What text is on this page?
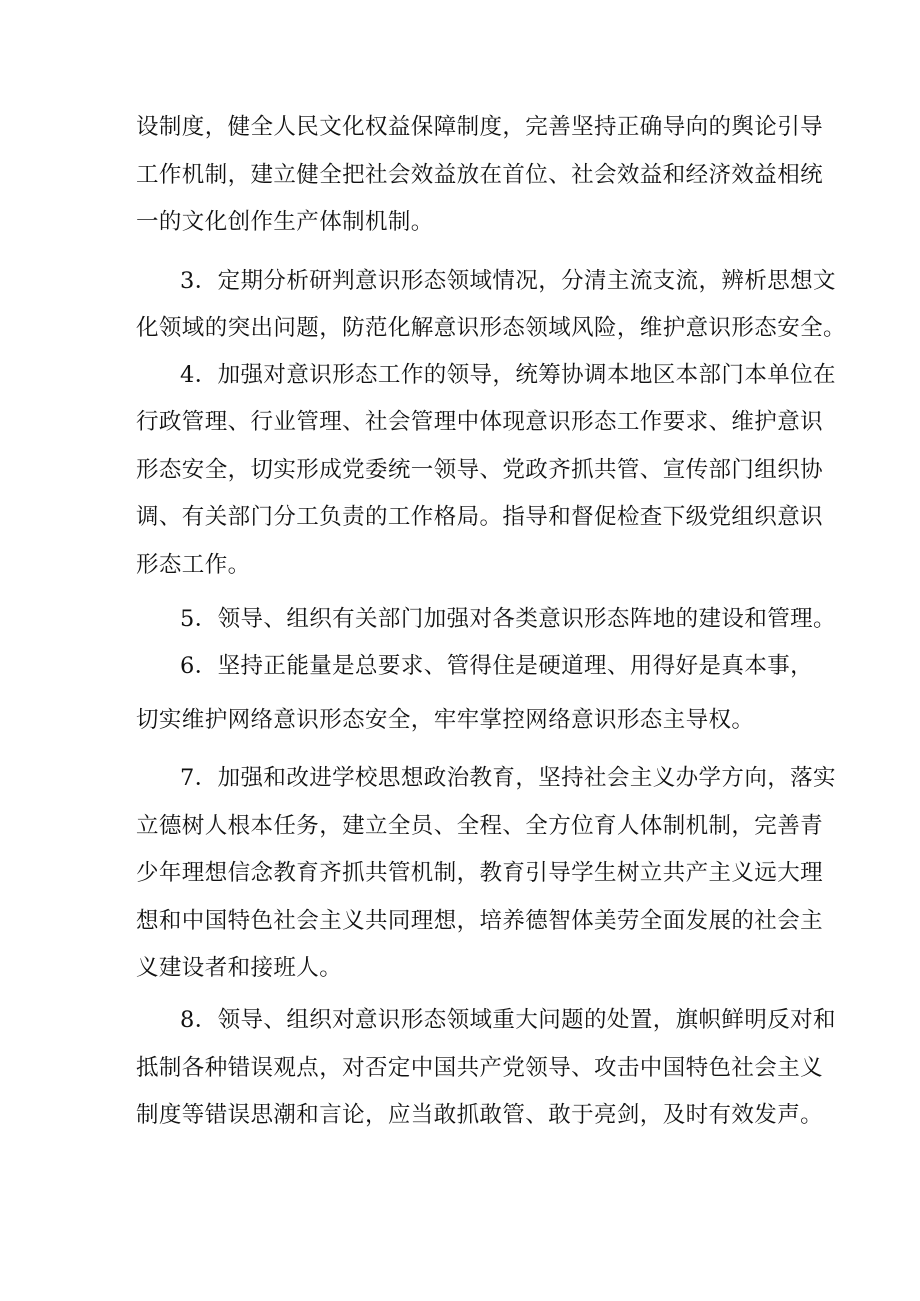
设制度，健全人民文化权益保障制度，完善坚持正确导向的舆论引导
工作机制，建立健全把社会效益放在首位、社会效益和经济效益相统
一的文化创作生产体制机制。
3．定期分析研判意识形态领域情况，分清主流支流，辨析思想文
化领域的突出问题，防范化解意识形态领域风险，维护意识形态安全。
4．加强对意识形态工作的领导，统筹协调本地区本部门本单位在
行政管理、行业管理、社会管理中体现意识形态工作要求、维护意识
形态安全，切实形成党委统一领导、党政齐抓共管、宣传部门组织协
调、有关部门分工负责的工作格局。指导和督促检查下级党组织意识
形态工作。
5．领导、组织有关部门加强对各类意识形态阵地的建设和管理。
6．坚持正能量是总要求、管得住是硬道理、用得好是真本事，
切实维护网络意识形态安全，牢牢掌控网络意识形态主导权。
7．加强和改进学校思想政治教育，坚持社会主义办学方向，落实
立德树人根本任务，建立全员、全程、全方位育人体制机制，完善青
少年理想信念教育齐抓共管机制，教育引导学生树立共产主义远大理
想和中国特色社会主义共同理想，培养德智体美劳全面发展的社会主
义建设者和接班人。
8．领导、组织对意识形态领域重大问题的处置，旗帜鲜明反对和
抵制各种错误观点，对否定中国共产党领导、攻击中国特色社会主义
制度等错误思潮和言论，应当敢抓敢管、敢于亮剑，及时有效发声。
